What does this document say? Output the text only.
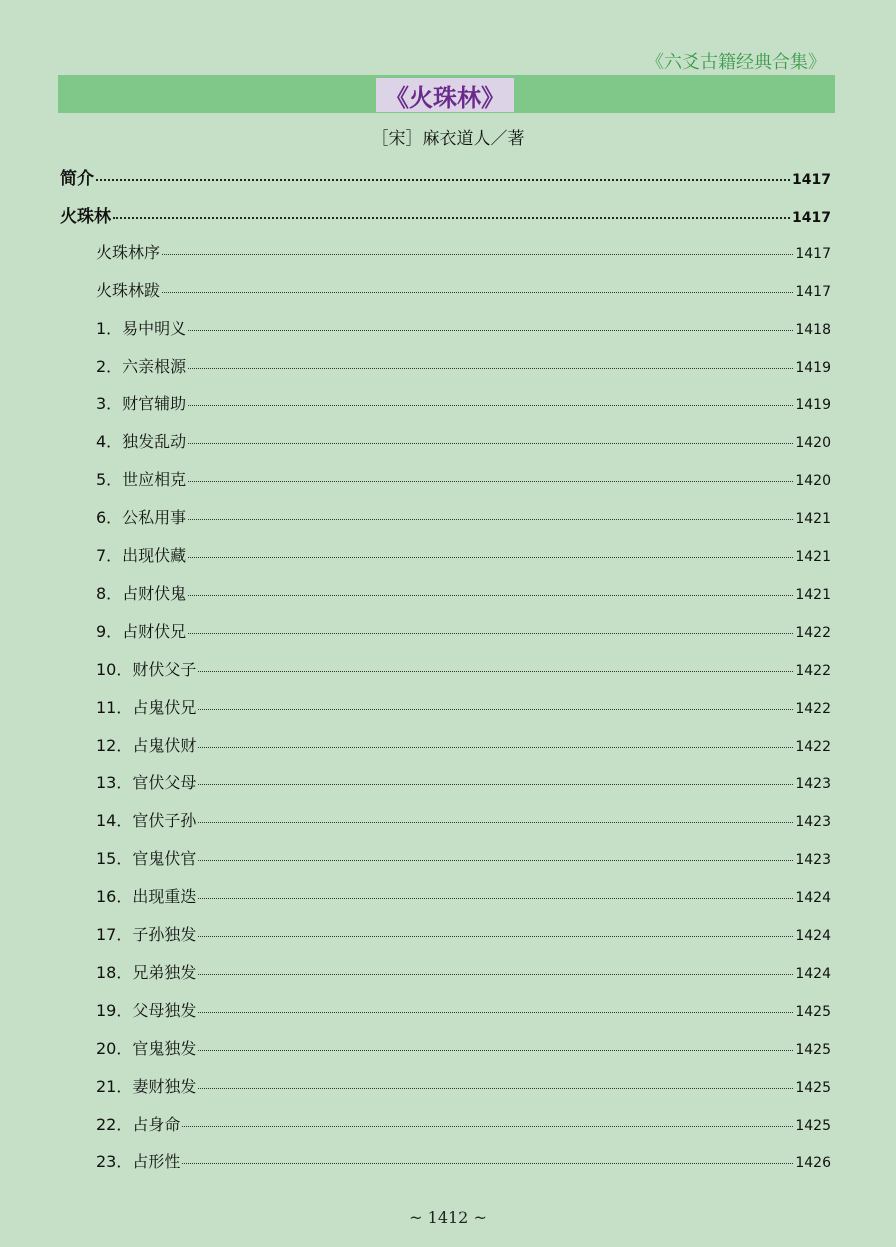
《六爻古籍经典合集》
《火珠林》
［宋］麻衣道人／著
简介	1417
火珠林	1417
火珠林序	1417
火珠林跋	1417
1．易中明义	1418
2．六亲根源	1419
3．财官辅助	1419
4．独发乱动	1420
5．世应相克	1420
6．公私用事	1421
7．出现伏藏	1421
8．占财伏鬼	1421
9．占财伏兄	1422
10．财伏父子	1422
11．占鬼伏兄	1422
12．占鬼伏财	1422
13．官伏父母	1423
14．官伏子孙	1423
15．官鬼伏官	1423
16．出现重迭	1424
17．子孙独发	1424
18．兄弟独发	1424
19．父母独发	1425
20．官鬼独发	1425
21．妻财独发	1425
22．占身命	1425
23．占形性	1426
~ 1412 ~
